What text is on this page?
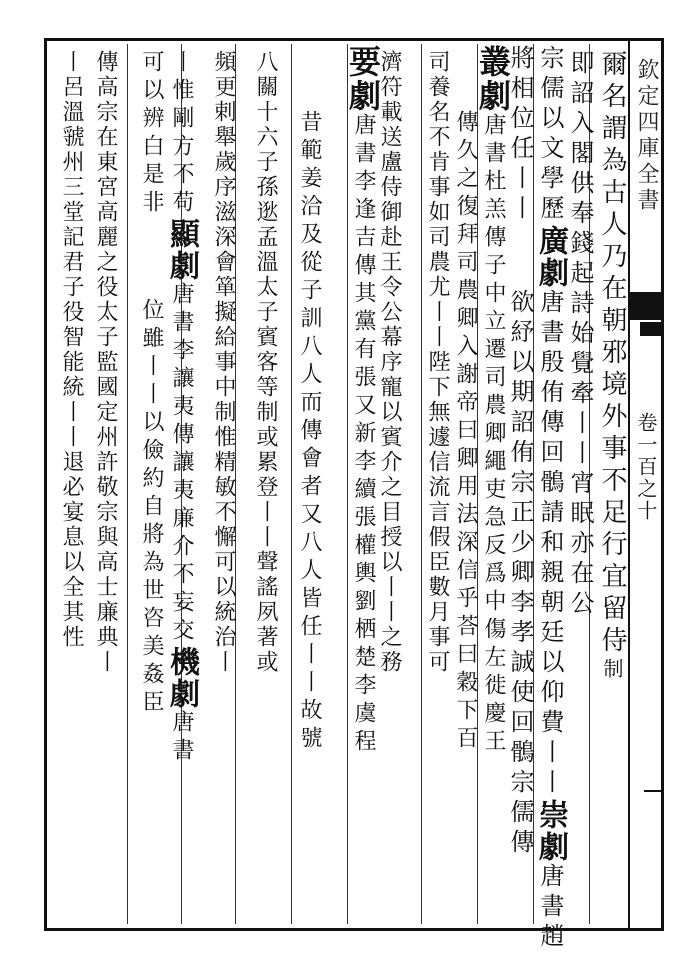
欽定四庫全書
卷一百之十
爾名謂為古人乃在朝邪境外事不足行宜留侍制
即詔入閣供奉錢起詩始覺牽丨丨宵眠亦在公
宗儒以文學歷廣劇唐書殷侑傳回鶻請和親朝廷以仰費丨丨崇劇唐書趙
將相位任丨丨欲紓以期詔侑宗正少卿李孝誠使回鶻宗儒傳
叢劇唐書杜羔傳子中立遷司農卿繩吏急反爲中傷左徙慶王
傳久之復拜司農卿入謝帝曰卿用法深信乎荅曰穀下百
司養名不肯事如司農尤丨丨陛下無遽信流言假臣數月事可
濟符載送盧侍御赴王令公幕序寵以賓介之目授以丨丨之務
要劇唐書李逢吉傳其黨有張又新李續張權輿劉栖楚李虞程
昔範姜洽及從子訓八人而傳會者又八人皆任丨丨故號
八關十六子孫逖孟溫太子賓客等制或累登丨丨聲謠夙著或
頻更剌舉歲序滋深會箪擬給事中制惟精敏不懈可以統治丨
丨惟剛方不苟顯劇唐書李讓夷傳讓夷廉介不妄交機劇唐書
可以辨白是非位雖丨丨以儉約自將為世咨美姦臣
傳高宗在東宮高麗之役太子監國定州許敬宗與高士廉典丨
丨呂溫虢州三堂記君子役智能統丨丨退必宴息以全其性
